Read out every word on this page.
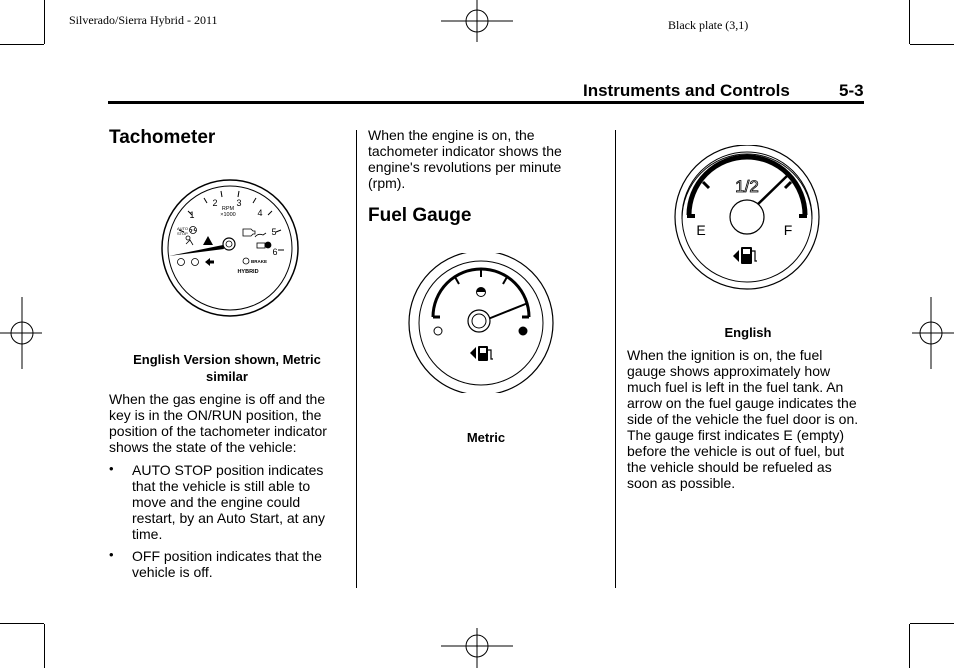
Silverado/Sierra Hybrid - 2011	Black plate (3,1)
Instruments and Controls	5-3
Tachometer
1
2 3
4
5
6
RPM
×1000
AUTO
STOP
BRAKE
HYBRID
English Version shown, Metric similar
When the gas engine is off and the key is in the ON/RUN position, the position of the tachometer indicator shows the state of the vehicle:
• AUTO STOP position indicates that the vehicle is still able to move and the engine could restart, by an Auto Start, at any time.
• OFF position indicates that the vehicle is off.
When the engine is on, the tachometer indicator shows the engine's revolutions per minute (rpm).
Fuel Gauge
Metric
1/2
E	F
English
When the ignition is on, the fuel gauge shows approximately how much fuel is left in the fuel tank. An arrow on the fuel gauge indicates the side of the vehicle the fuel door is on. The gauge first indicates E (empty) before the vehicle is out of fuel, but the vehicle should be refueled as soon as possible.
